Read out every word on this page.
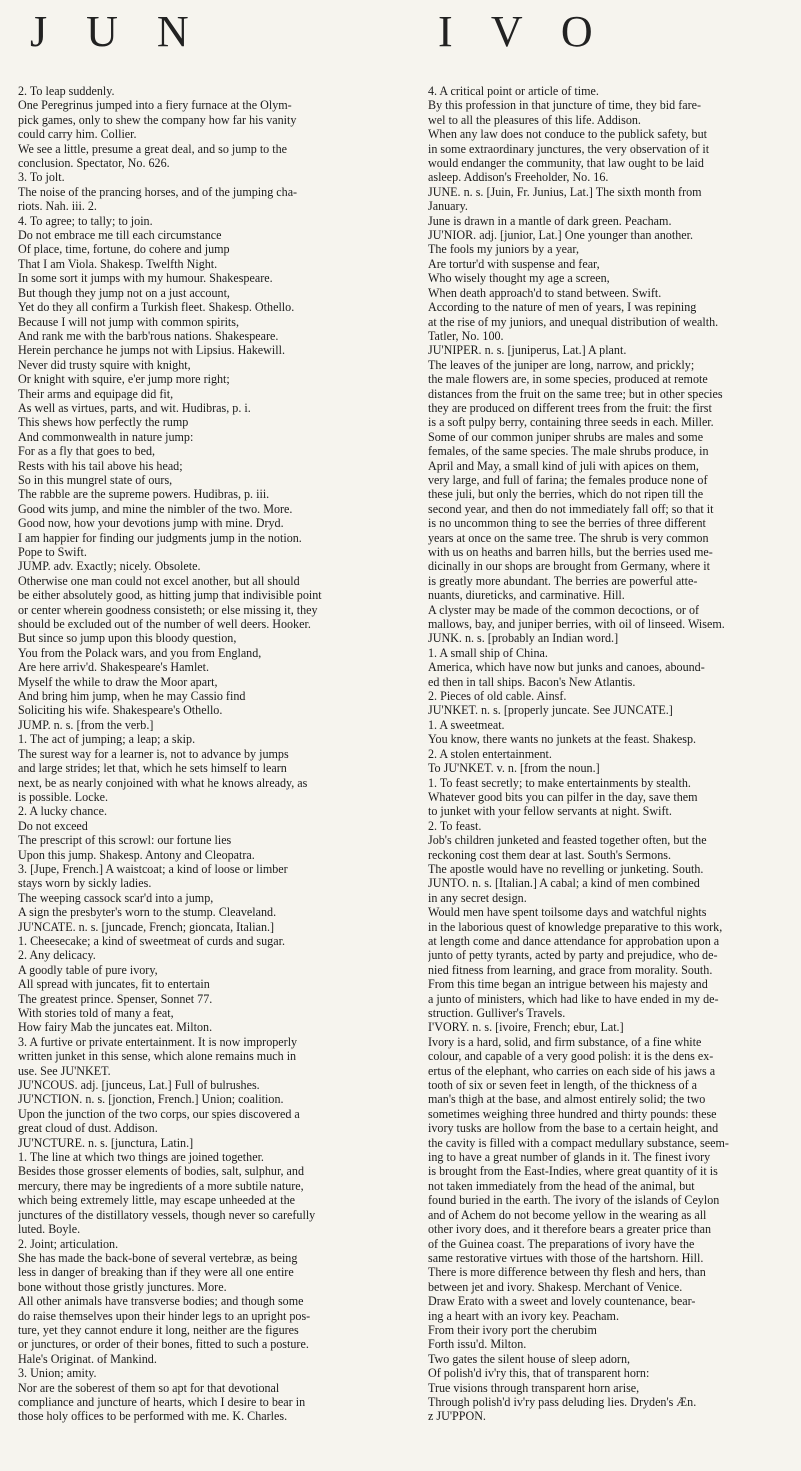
J U N	I V O
2. To leap suddenly.
One Peregrinus jumped into a fiery furnace at the Olym-
pick games, only to shew the company how far his vanity
could carry him. Collier.
We see a little, presume a great deal, and so jump to the
conclusion. Spectator, No. 626.
3. To jolt.
The noise of the prancing horses, and of the jumping cha-
riots. Nah. iii. 2.
4. To agree; to tally; to join.
Do not embrace me till each circumstance
Of place, time, fortune, do cohere and jump
That I am Viola. Shakesp. Twelfth Night.
In some sort it jumps with my humour. Shakespeare.
But though they jump not on a just account,
Yet do they all confirm a Turkish fleet. Shakesp. Othello.
Because I will not jump with common spirits,
And rank me with the barb'rous nations. Shakespeare.
Herein perchance he jumps not with Lipsius. Hakewill.
Never did trusty squire with knight,
Or knight with squire, e'er jump more right;
Their arms and equipage did fit,
As well as virtues, parts, and wit. Hudibras, p. i.
This shews how perfectly the rump
And commonwealth in nature jump:
For as a fly that goes to bed,
Rests with his tail above his head;
So in this mungrel state of ours,
The rabble are the supreme powers. Hudibras, p. iii.
Good wits jump, and mine the nimbler of the two. More.
Good now, how your devotions jump with mine. Dryd.
I am happier for finding our judgments jump in the notion.
Pope to Swift.
JUMP. adv. Exactly; nicely. Obsolete.
Otherwise one man could not excel another, but all should
be either absolutely good, as hitting jump that indivisible point
or center wherein goodness consisteth; or else missing it, they
should be excluded out of the number of well deers. Hooker.
But since so jump upon this bloody question,
You from the Polack wars, and you from England,
Are here arriv'd. Shakespeare's Hamlet.
Myself the while to draw the Moor apart,
And bring him jump, when he may Cassio find
Soliciting his wife. Shakespeare's Othello.
JUMP. n. s. [from the verb.]
1. The act of jumping; a leap; a skip.
The surest way for a learner is, not to advance by jumps
and large strides; let that, which he sets himself to learn
next, be as nearly conjoined with what he knows already, as
is possible. Locke.
2. A lucky chance.
Do not exceed
The prescript of this scrowl: our fortune lies
Upon this jump. Shakesp. Antony and Cleopatra.
3. [Jupe, French.] A waistcoat; a kind of loose or limber
stays worn by sickly ladies.
The weeping cassock scar'd into a jump,
A sign the presbyter's worn to the stump. Cleaveland.
JU'NCATE. n. s. [juncade, French; gioncata, Italian.]
1. Cheesecake; a kind of sweetmeat of curds and sugar.
2. Any delicacy.
A goodly table of pure ivory,
All spread with juncates, fit to entertain
The greatest prince. Spenser, Sonnet 77.
With stories told of many a feat,
How fairy Mab the juncates eat. Milton.
3. A furtive or private entertainment. It is now improperly
written junket in this sense, which alone remains much in
use. See JU'NKET.
JU'NCOUS. adj. [junceus, Lat.] Full of bulrushes.
JU'NCTION. n. s. [jonction, French.] Union; coalition.
Upon the junction of the two corps, our spies discovered a
great cloud of dust. Addison.
JU'NCTURE. n. s. [junctura, Latin.]
1. The line at which two things are joined together.
Besides those grosser elements of bodies, salt, sulphur, and
mercury, there may be ingredients of a more subtile nature,
which being extremely little, may escape unheeded at the
junctures of the distillatory vessels, though never so carefully
luted. Boyle.
2. Joint; articulation.
She has made the back-bone of several vertebræ, as being
less in danger of breaking than if they were all one entire
bone without those gristly junctures. More.
All other animals have transverse bodies; and though some
do raise themselves upon their hinder legs to an upright pos-
ture, yet they cannot endure it long, neither are the figures
or junctures, or order of their bones, fitted to such a posture.
Hale's Originat. of Mankind.
3. Union; amity.
Nor are the soberest of them so apt for that devotional
compliance and juncture of hearts, which I desire to bear in
those holy offices to be performed with me. K. Charles.
4. A critical point or article of time.
By this profession in that juncture of time, they bid fare-
wel to all the pleasures of this life. Addison.
When any law does not conduce to the publick safety, but
in some extraordinary junctures, the very observation of it
would endanger the community, that law ought to be laid
asleep. Addison's Freeholder, No. 16.
JUNE. n. s. [Juin, Fr. Junius, Lat.] The sixth month from
January.
June is drawn in a mantle of dark green. Peacham.
JU'NIOR. adj. [junior, Lat.] One younger than another.
The fools my juniors by a year,
Are tortur'd with suspense and fear,
Who wisely thought my age a screen,
When death approach'd to stand between. Swift.
According to the nature of men of years, I was repining
at the rise of my juniors, and unequal distribution of wealth.
Tatler, No. 100.
JU'NIPER. n. s. [juniperus, Lat.] A plant.
The leaves of the juniper are long, narrow, and prickly;
the male flowers are, in some species, produced at remote
distances from the fruit on the same tree; but in other species
they are produced on different trees from the fruit: the first
is a soft pulpy berry, containing three seeds in each. Miller.
Some of our common juniper shrubs are males and some
females, of the same species. The male shrubs produce, in
April and May, a small kind of juli with apices on them,
very large, and full of farina; the females produce none of
these juli, but only the berries, which do not ripen till the
second year, and then do not immediately fall off; so that it
is no uncommon thing to see the berries of three different
years at once on the same tree. The shrub is very common
with us on heaths and barren hills, but the berries used me-
dicinally in our shops are brought from Germany, where it
is greatly more abundant. The berries are powerful atte-
nuants, diureticks, and carminative. Hill.
A clyster may be made of the common decoctions, or of
mallows, bay, and juniper berries, with oil of linseed. Wisem.
JUNK. n. s. [probably an Indian word.]
1. A small ship of China.
America, which have now but junks and canoes, abound-
ed then in tall ships. Bacon's New Atlantis.
2. Pieces of old cable. Ainsf.
JU'NKET. n. s. [properly juncate. See JUNCATE.]
1. A sweetmeat.
You know, there wants no junkets at the feast. Shakesp.
2. A stolen entertainment.
To JU'NKET. v. n. [from the noun.]
1. To feast secretly; to make entertainments by stealth.
Whatever good bits you can pilfer in the day, save them
to junket with your fellow servants at night. Swift.
2. To feast.
Job's children junketed and feasted together often, but the
reckoning cost them dear at last. South's Sermons.
The apostle would have no revelling or junketing. South.
JUNTO. n. s. [Italian.] A cabal; a kind of men combined
in any secret design.
Would men have spent toilsome days and watchful nights
in the laborious quest of knowledge preparative to this work,
at length come and dance attendance for approbation upon a
junto of petty tyrants, acted by party and prejudice, who de-
nied fitness from learning, and grace from morality. South.
From this time began an intrigue between his majesty and
a junto of ministers, which had like to have ended in my de-
struction. Gulliver's Travels.
I'VORY. n. s. [ivoire, French; ebur, Lat.]
Ivory is a hard, solid, and firm substance, of a fine white
colour, and capable of a very good polish: it is the dens ex-
ertus of the elephant, who carries on each side of his jaws a
tooth of six or seven feet in length, of the thickness of a
man's thigh at the base, and almost entirely solid; the two
sometimes weighing three hundred and thirty pounds: these
ivory tusks are hollow from the base to a certain height, and
the cavity is filled with a compact medullary substance, seem-
ing to have a great number of glands in it. The finest ivory
is brought from the East-Indies, where great quantity of it is
not taken immediately from the head of the animal, but
found buried in the earth. The ivory of the islands of Ceylon
and of Achem do not become yellow in the wearing as all
other ivory does, and it therefore bears a greater price than
of the Guinea coast. The preparations of ivory have the
same restorative virtues with those of the hartshorn. Hill.
There is more difference between thy flesh and hers, than
between jet and ivory. Shakesp. Merchant of Venice.
Draw Erato with a sweet and lovely countenance, bear-
ing a heart with an ivory key. Peacham.
From their ivory port the cherubim
Forth issu'd. Milton.
Two gates the silent house of sleep adorn,
Of polish'd iv'ry this, that of transparent horn:
True visions through transparent horn arise,
Through polish'd iv'ry pass deluding lies. Dryden's Æn.
z JU'PPON.
